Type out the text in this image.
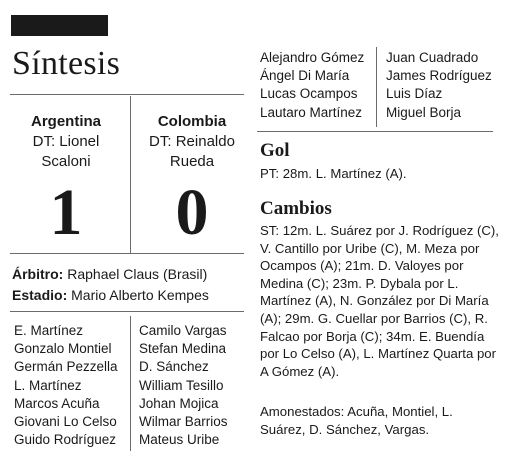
Síntesis
Argentina
DT: Lionel Scaloni
Colombia
DT: Reinaldo Rueda
1	0
Árbitro: Raphael Claus (Brasil)
Estadio: Mario Alberto Kempes
E. Martínez
Gonzalo Montiel
Germán Pezzella
L. Martínez
Marcos Acuña
Giovani Lo Celso
Guido Rodríguez
Camilo Vargas
Stefan Medina
D. Sánchez
William Tesillo
Johan Mojica
Wilmar Barrios
Mateus Uribe
Alejandro Gómez
Ángel Di María
Lucas Ocampos
Lautaro Martínez
Juan Cuadrado
James Rodríguez
Luis Díaz
Miguel Borja
Gol
PT: 28m. L. Martínez (A).
Cambios
ST: 12m. L. Suárez por J. Rodríguez (C), V. Cantillo por Uribe (C), M. Meza por Ocampos (A); 21m. D. Valoyes por Medina (C); 23m. P. Dybala por L. Martínez (A), N. González por Di María (A); 29m. G. Cuellar por Barrios (C), R. Falcao por Borja (C); 34m. E. Buendía por Lo Celso (A), L. Martínez Quarta por A Gómez (A).
Amonestados: Acuña, Montiel, L. Suárez, D. Sánchez, Vargas.
